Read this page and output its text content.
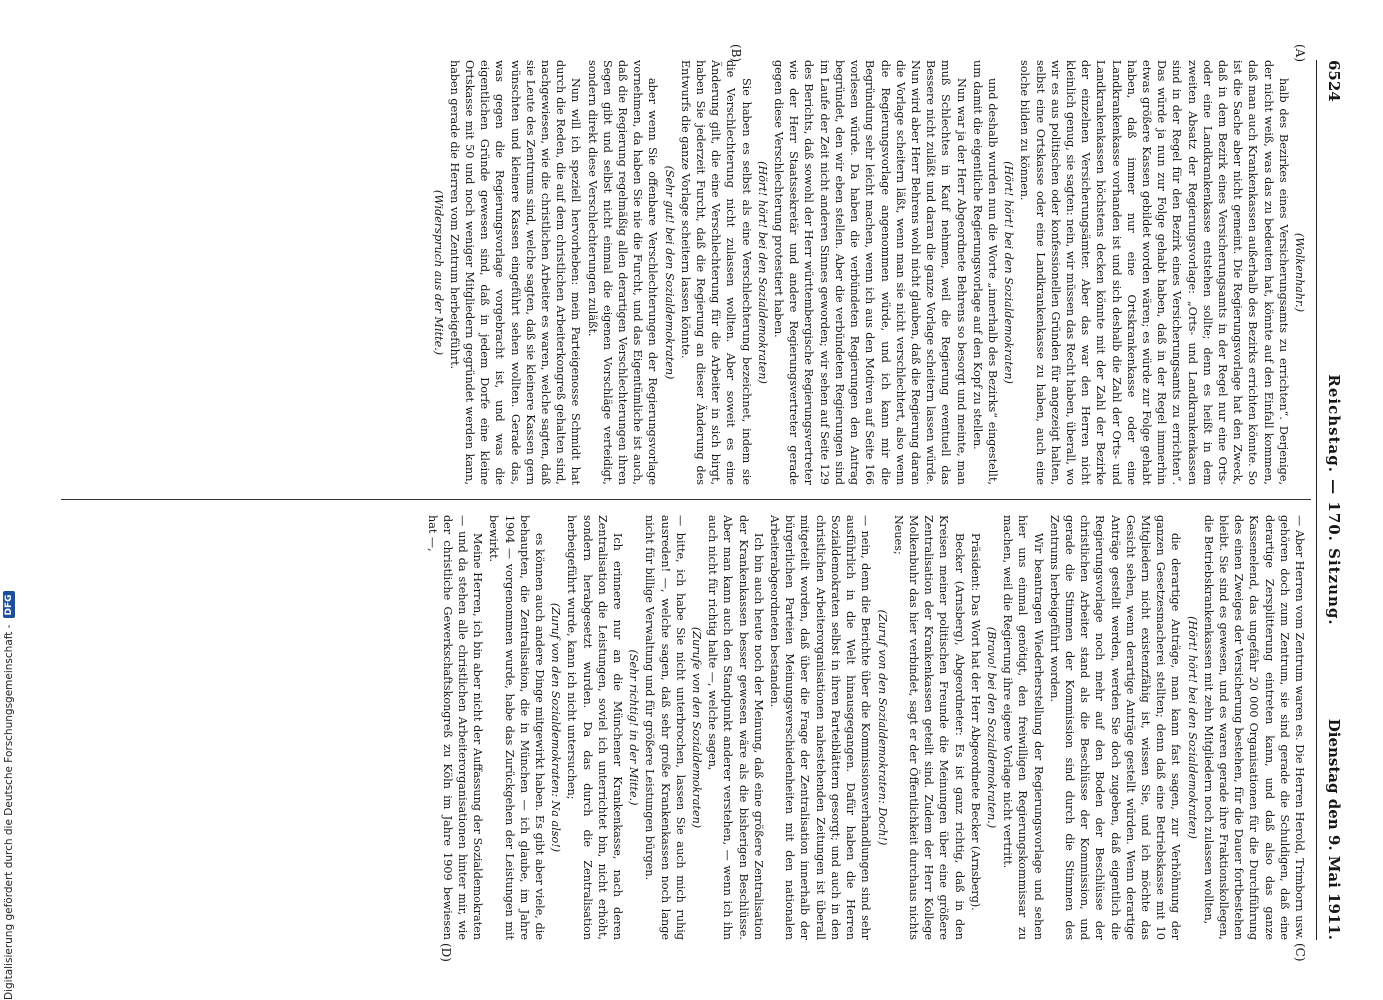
6524
Reichstag. — 170. Sitzung.
Dienstag den 9. Mai 1911.
(A)
(B)
(C)
(D)

(Wolkenhahr.)

halb des Bezirkes eines Versicherungsamts zu errichten“. Derjenige, der nicht weiß, was das zu bedeuten hat, könnte auf den Einfall kommen, daß man auch Krankenkassen außerhalb des Bezirks errichten könnte. So ist die Sache aber nicht gemeint. Die Regierungsvorlage hat den Zweck, daß in dem Bezirk eines Versicherungsamts in der Regel nur eine Orts- oder eine Landkrankenkasse entstehen sollte; denn es heißt in dem zweiten Absatz der Regierungsvorlage: „Orts- und Landkrankenkassen sind in der Regel für den Bezirk eines Versicherungsamts zu errichten“. Das würde ja nun zur Folge gehabt haben, daß in der Regel immerhin etwas größere Kassen gebildet worden wären; es würde zur Folge gehabt haben, daß immer nur eine Ortskrankenkasse oder eine Landkrankenkasse vorhanden ist und sich deshalb die Zahl der Orts- und Landkrankenkassen höchstens decken könnte mit der Zahl der Bezirke der einzelnen Versicherungsämter. Aber das war den Herren nicht kleinlich genug, sie sagten: nein, wir müssen das Recht haben, überall, wo wir es aus politischen oder konfessionellen Gründen für angezeigt halten, selbst eine Ortskasse oder eine Landkrankenkasse zu haben, auch eine solche bilden zu können.

(Hört! hört! bei den Sozialdemokraten)

und deshalb wurden nun die Worte „innerhalb des Bezirks“ eingestellt, um damit die eigentliche Regierungsvorlage auf den Kopf zu stellen.

Nun war ja der Herr Abgeordnete Behrens so besorgt und meinte, man muß Schlechtes in Kauf nehmen, weil die Regierung eventuell das Bessere nicht zuläßt und daran die ganze Vorlage scheitern lassen würde. Nun wird aber Herr Behrens wohl nicht glauben, daß die Regierung daran die Vorlage scheitern läßt, wenn man sie nicht verschlechtert, also wenn die Regierungsvorlage angenommen würde, und ich kann mir die Begründung sehr leicht machen, wenn ich aus den Motiven auf Seite 166 vorlesen würde. Da haben die verbündeten Regierungen den Antrag begründet, den wir eben stellen. Aber die verbündeten Regierungen sind im Laufe der Zeit nicht anderen Sinnes geworden; wir sehen auf Seite 129 des Berichts, daß sowohl der Herr württembergische Regierungsvertreter wie der Herr Staatssekretär und andere Regierungsvertreter gerade gegen diese Verschlechterung protestiert haben.

(Hört! hört! bei den Sozialdemokraten)

Sie haben es selbst als eine Verschlechterung bezeichnet, indem sie die Verschlechterung nicht zulassen wollten. Aber soweit es eine Änderung gilt, die eine Verschlechterung für die Arbeiter in sich birgt, haben Sie jederzeit Furcht, daß die Regierung an dieser Änderung des Entwurfs die ganze Vorlage scheitern lassen könnte.

(Sehr gut! bei den Sozialdemokraten)

aber wenn Sie offenbare Verschlechterungen der Regierungsvorlage vornehmen, da haben Sie nie die Furcht, und das Eigentümliche ist auch, daß die Regierung regelmäßig allen derartigen Verschlechterungen ihren Segen gibt und selbst nicht einmal die eigenen Vorschläge verteidigt, sondern direkt diese Verschlechterungen zuläßt.

Nun will ich speziell hervorheben: mein Parteigenosse Schmidt hat durch die Reden, die auf dem christlichen Arbeiterkongreß gehalten sind, nachgewiesen, wie die christlichen Arbeiter es waren, welche sagten, daß sie Leute des Zentrums sind, welche sagten, daß sie kleinere Kassen gern wünschten und kleinere Kassen eingeführt sehen wollten. Gerade das, was gegen die Regierungsvorlage vorgebracht ist, und was die eigentlichen Gründe gewesen sind, daß in jedem Dorfe eine kleine Ortskasse mit 50 und noch weniger Mitgliedern gegründet werden kann, haben gerade die Herren vom Zentrum herbeigeführt.

(Widerspruch aus der Mitte.)

— Aber Herren vom Zentrum waren es. Die Herren Herold, Trimborn usw. gehören doch zum Zentrum, sie sind gerade die Schuldigen, daß eine derartige Zersplitterung eintreten kann, und daß also das ganze Kassenelend, das ungefähr 20 000 Organisationen für die Durchführung des einen Zweiges der Versicherung bestehen, für die Dauer fortbestehen bleibt. Sie sind es gewesen, und es waren gerade ihre Fraktionskollegen, die Betriebskrankenkassen mit zehn Mitgliedern noch zulassen wollten,

(Hört! hört! bei den Sozialdemokraten)

die derartige Anträge, man kann fast sagen, zur Verhöhnung der ganzen Gesetzesmacherei stellten; denn daß eine Betriebskasse mit 10 Mitgliedern nicht existenzfähig ist, wissen Sie, und ich möchte das Gesicht sehen, wenn derartige Anträge gestellt würden. Wenn derartige Anträge gestellt werden, werden Sie doch zugeben, daß eigentlich die Regierungsvorlage noch mehr auf den Boden der Beschlüsse der christlichen Arbeiter stand als die Beschlüsse der Kommission, und gerade die Stimmen der Kommission sind durch die Stimmen des Zentrums herbeigeführt worden.

Wir beantragen Wiederherstellung der Regierungsvorlage und sehen hier uns einmal genötigt, den freiwilligen Regierungskommissar zu machen, weil die Regierung ihre eigene Vorlage nicht vertritt.

(Bravo! bei den Sozialdemokraten.)

Präsident: Das Wort hat der Herr Abgeordnete Becker (Arnsberg).

Becker (Arnsberg), Abgeordneter: Es ist ganz richtig, daß in den Kreisen meiner politischen Freunde die Meinungen über eine größere Zentralisation der Krankenkassen geteilt sind. Zudem der Herr Kollege Molkenbuhr das hier verbindet, sagt er der Öffentlichkeit durchaus nichts Neues;

(Zuruf von den Sozialdemokraten: Doch!)

— nein, denn die Berichte über die Kommissionsverhandlungen sind sehr ausführlich in die Welt hinausgegangen. Dafür haben die Herren Sozialdemokraten selbst in ihren Parteiblättern gesorgt; und auch in den christlichen Arbeiterorganisationen nahestehenden Zeitungen ist überall mitgeteilt worden, daß über die Frage der Zentralisation innerhalb der bürgerlichen Parteien Meinungsverschiedenheiten mit den nationalen Arbeiterabgeordneten bestanden.

Ich bin auch heute noch der Meinung, daß eine größere Zentralisation der Krankenkassen besser gewesen wäre als die bisherigen Beschlüsse. Aber man kann auch den Standpunkt anderer verstehen, — wenn ich ihn auch nicht für richtig halte —, welche sagen,

(Zurufe von den Sozialdemokraten)

— bitte, ich habe Sie nicht unterbrochen, lassen Sie auch mich ruhig ausreden! —, welche sagen, daß sehr große Krankenkassen noch lange nicht für billige Verwaltung und für größere Leistungen bürgen.

(Sehr richtig! in der Mitte.)

Ich erinnere nur an die Münchener Krankenkasse, nach deren Zentralisation die Leistungen, soviel ich unterrichtet bin, nicht erhöht, sondern herabgesetzt wurden. Da das durch die Zentralisation herbeigeführt wurde, kann ich nicht untersuchen;

(Zuruf von den Sozialdemokraten: Na also!)

es können auch andere Dinge mitgewirkt haben. Es gibt aber viele, die behaupten, die Zentralisation, die in München — ich glaube, im Jahre 1904 — vorgenommen wurde, habe das Zurückgehen der Leistungen mit bewirkt.

Meine Herren, ich bin aber nicht der Auffassung der Sozialdemokraten — und da stehen alle christlichen Arbeiterorganisationen hinter mir, wie der christliche Gewerkschaftskongreß zu Köln im Jahre 1909 bewiesen hat —,

Digitalisierung gefördert durch die Deutsche Forschungsgemeinschaft -
DFG
